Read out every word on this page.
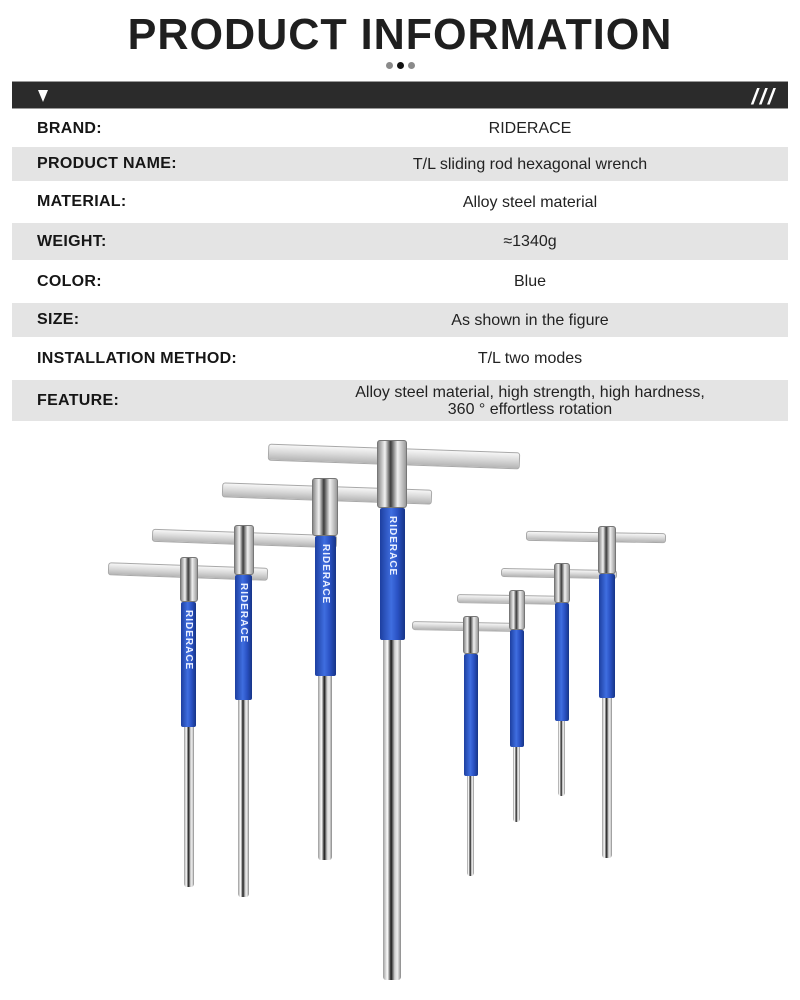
PRODUCT INFORMATION
///
BRAND:	RIDERACE
PRODUCT NAME:	T/L sliding rod hexagonal wrench
MATERIAL:	Alloy steel material
WEIGHT:	≈1340g
COLOR:	Blue
SIZE:	As shown in the figure
INSTALLATION METHOD:	T/L two modes
FEATURE:	Alloy steel material, high strength, high hardness,
360 ° effortless rotation
RIDERACE	RIDERACE
RIDERACE	RIDERACE
